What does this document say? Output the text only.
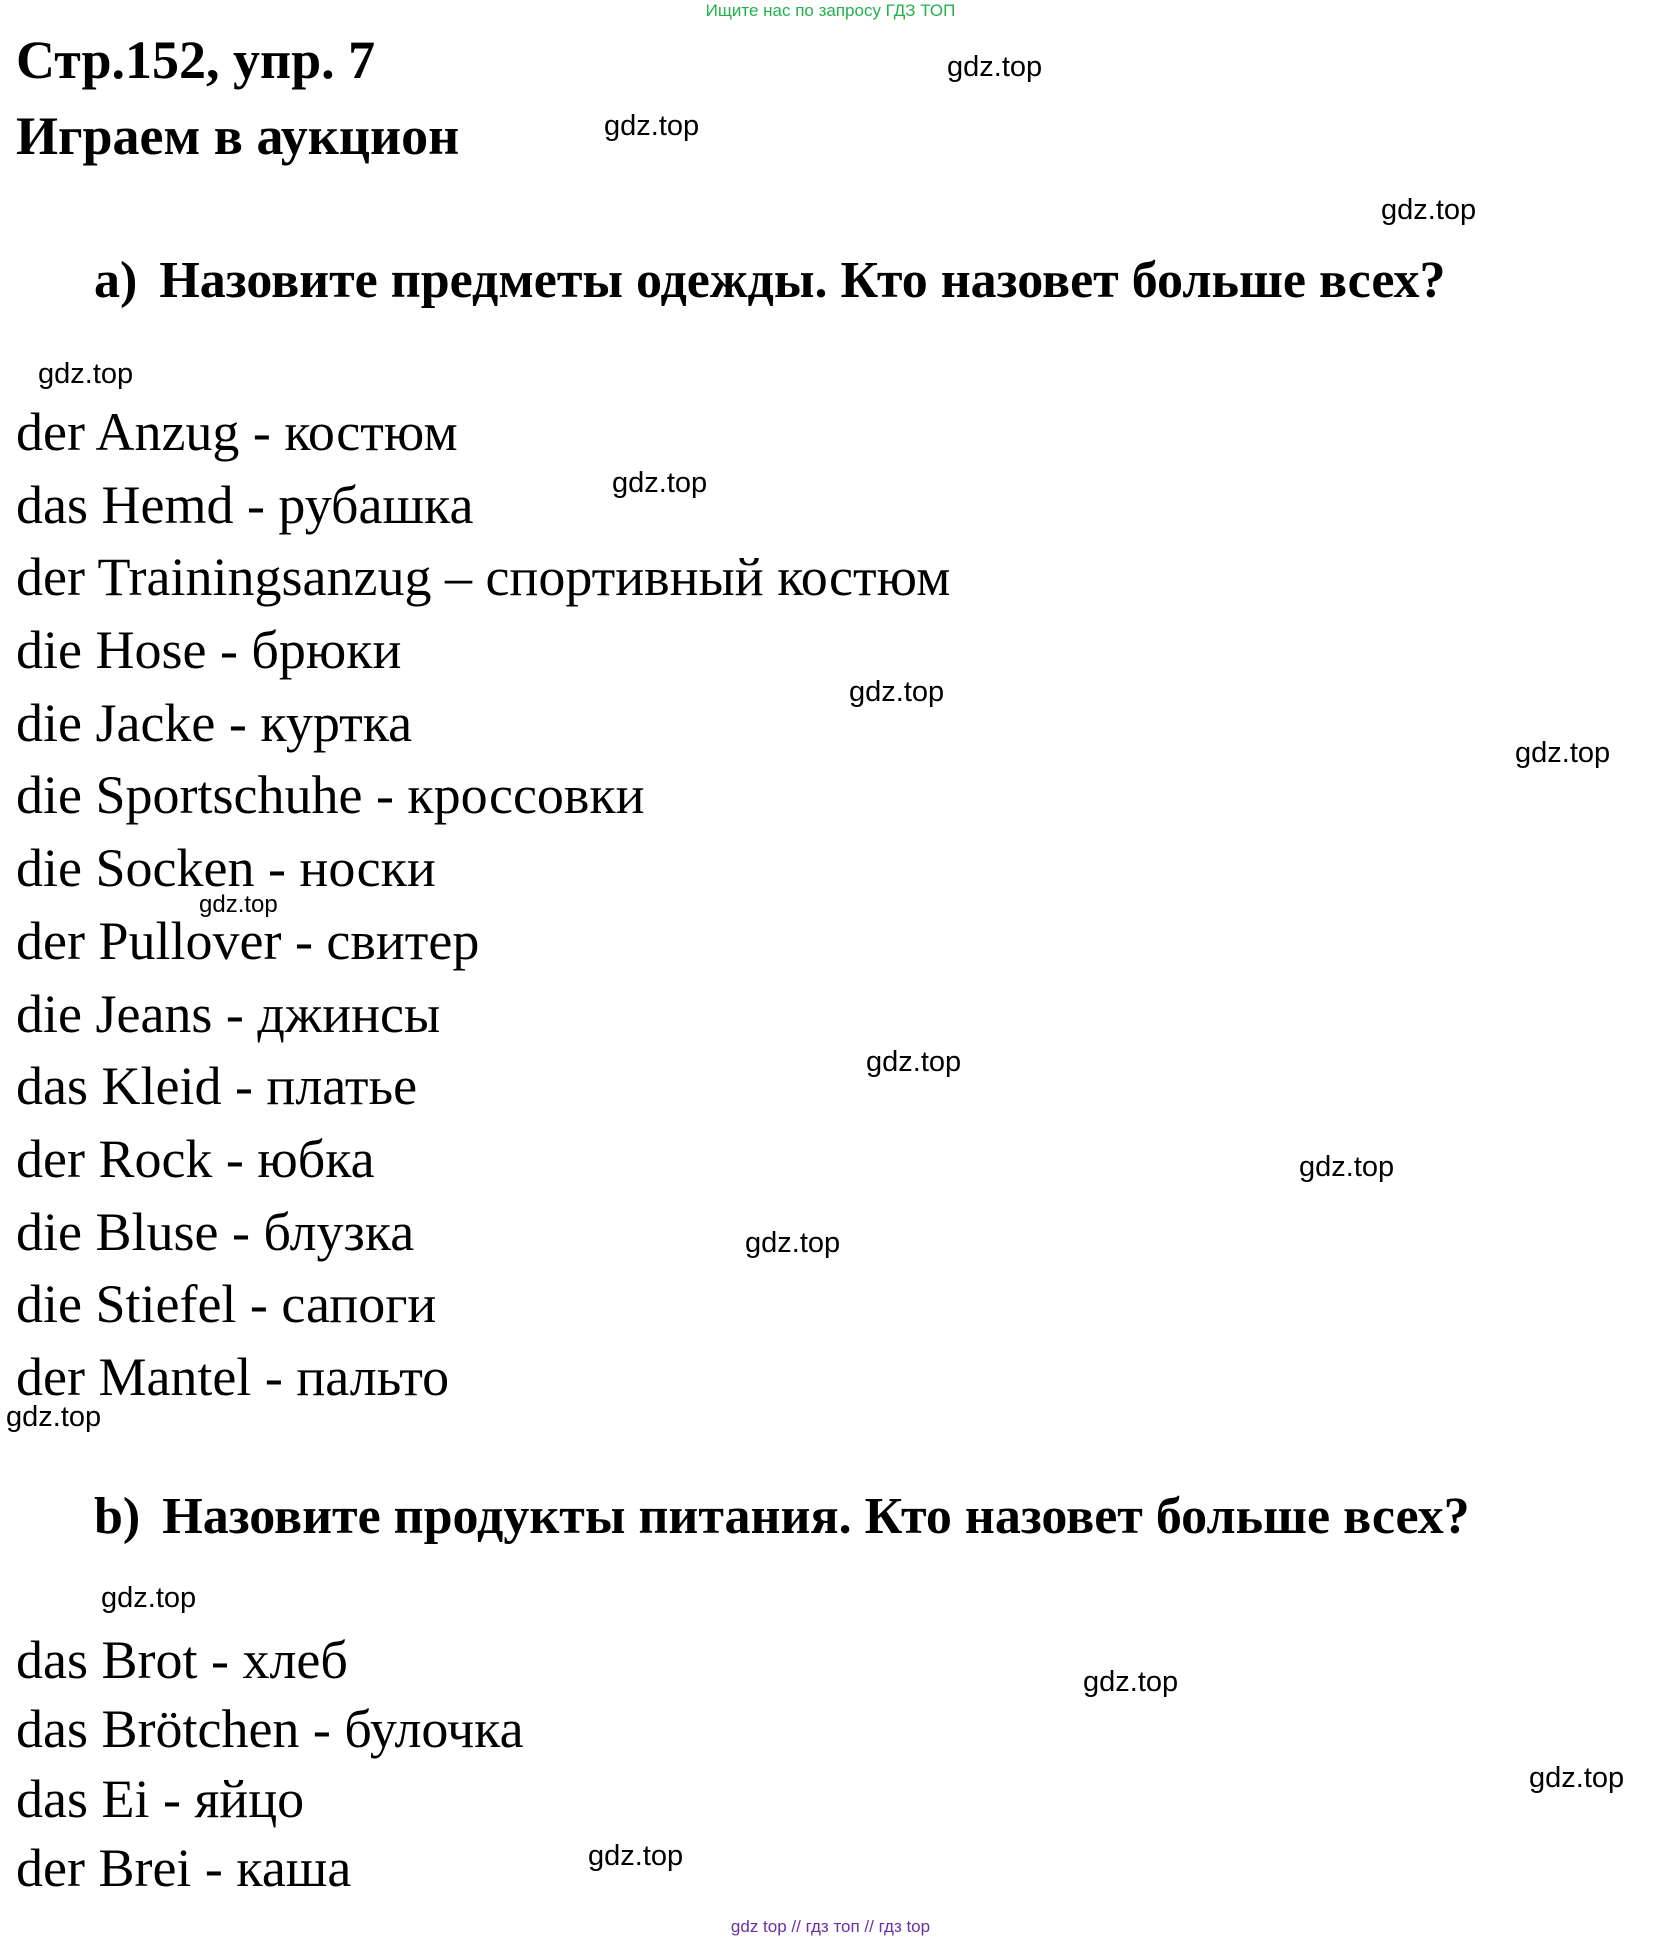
Ищите нас по запросу ГДЗ ТОП
Стр.152, упр. 7
Играем в аукцион
a) Назовите предметы одежды. Кто назовет больше всех?
der Anzug - костюм
das Hemd - рубашка
der Trainingsanzug – спортивный костюм
die Hose - брюки
die Jacke - куртка
die Sportschuhe - кроссовки
die Socken - носки
der Pullover - свитер
die Jeans - джинсы
das Kleid - платье
der Rock - юбка
die Bluse - блузка
die Stiefel - сапоги
der Mantel - пальто
b) Назовите продукты питания. Кто назовет больше всех?
das Brot - хлеб
das Brötchen - булочка
das Ei - яйцо
der Brei - каша
gdz.top
gdz.top
gdz.top
gdz.top
gdz.top
gdz.top
gdz.top
gdz.top
gdz.top
gdz.top
gdz.top
gdz.top
gdz.top
gdz.top
gdz.top
gdz.top
gdz top // гдз топ // гдз top
